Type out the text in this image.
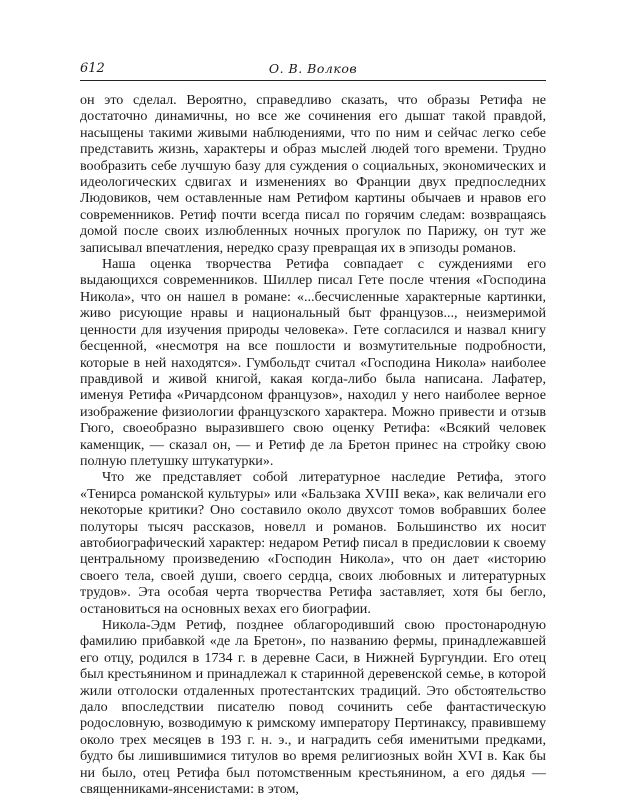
612	О. В. Волков

он это сделал. Вероятно, справедливо сказать, что образы Ретифа не достаточно динамичны, но все же сочинения его дышат такой правдой, насыщены такими живыми наблюдениями, что по ним и сейчас легко себе представить жизнь, характеры и образ мыслей людей того времени. Трудно вообразить себе лучшую базу для суждения о социальных, экономических и идеологических сдвигах и изменениях во Франции двух предпоследних Людовиков, чем оставленные нам Ретифом картины обычаев и нравов его современников. Ретиф почти всегда писал по горячим следам: возвращаясь домой после своих излюбленных ночных прогулок по Парижу, он тут же записывал впечатления, нередко сразу превращая их в эпизоды романов.

Наша оценка творчества Ретифа совпадает с суждениями его выдающихся современников. Шиллер писал Гете после чтения «Господина Никола», что он нашел в романе: «...бесчисленные характерные картинки, живо рисующие нравы и национальный быт французов..., неизмеримой ценности для изучения природы человека». Гете согласился и назвал книгу бесценной, «несмотря на все пошлости и возмутительные подробности, которые в ней находятся». Гумбольдт считал «Господина Никола» наиболее правдивой и живой книгой, какая когда-либо была написана. Лафатер, именуя Ретифа «Ричардсоном французов», находил у него наиболее верное изображение физиологии французского характера. Можно привести и отзыв Гюго, своеобразно выразившего свою оценку Ретифа: «Всякий человек каменщик, — сказал он, — и Ретиф де ла Бретон принес на стройку свою полную плетушку штукатурки».

Что же представляет собой литературное наследие Ретифа, этого «Тенирса романской культуры» или «Бальзака XVIII века», как величали его некоторые критики? Оно составило около двухсот томов вобравших более полуторы тысяч рассказов, новелл и романов. Большинство их носит автобиографический характер: недаром Ретиф писал в предисловии к своему центральному произведению «Господин Никола», что он дает «историю своего тела, своей души, своего сердца, своих любовных и литературных трудов». Эта особая черта творчества Ретифа заставляет, хотя бы бегло, остановиться на основных вехах его биографии.

Никола-Эдм Ретиф, позднее облагородивший свою простонародную фамилию прибавкой «де ла Бретон», по названию фермы, принадлежавшей его отцу, родился в 1734 г. в деревне Саси, в Нижней Бургундии. Его отец был крестьянином и принадлежал к старинной деревенской семье, в которой жили отголоски отдаленных протестантских традиций. Это обстоятельство дало впоследствии писателю повод сочинить себе фантастическую родословную, возводимую к римскому императору Пертинаксу, правившему около трех месяцев в 193 г. н. э., и наградить себя именитыми предками, будто бы лишившимися титулов во время религиозных войн XVI в. Как бы ни было, отец Ретифа был потомственным крестьянином, а его дядья — священниками-янсенистами: в этом,
